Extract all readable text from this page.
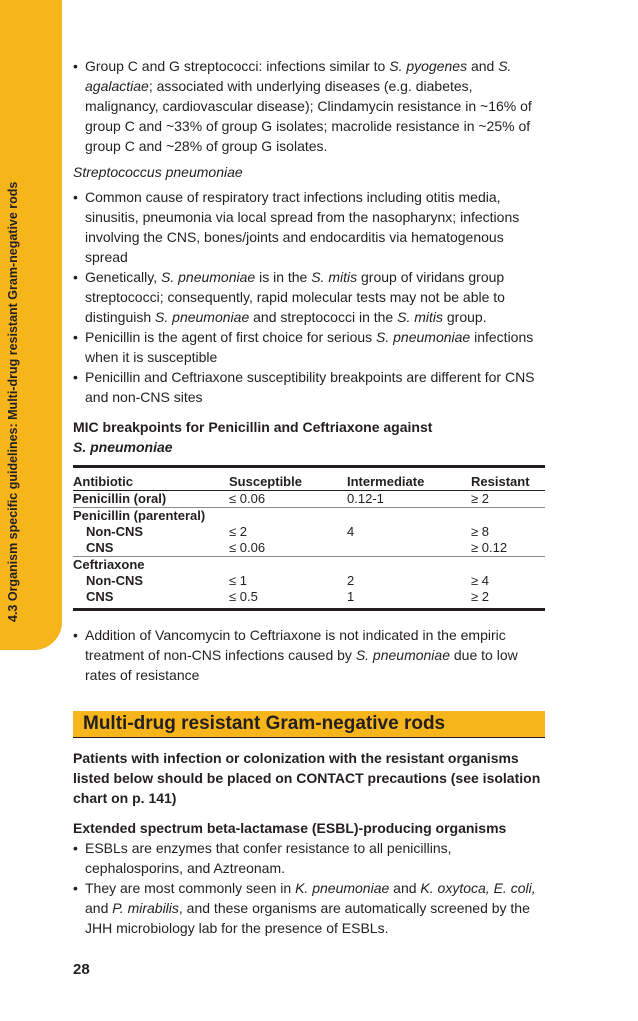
4.3 Organism specific guidelines: Multi-drug resistant Gram-negative rods
• Group C and G streptococci: infections similar to S. pyogenes and S. agalactiae; associated with underlying diseases (e.g. diabetes, malignancy, cardiovascular disease); Clindamycin resistance in ~16% of group C and ~33% of group G isolates; macrolide resistance in ~25% of group C and ~28% of group G isolates.

Streptococcus pneumoniae

• Common cause of respiratory tract infections including otitis media, sinusitis, pneumonia via local spread from the nasopharynx; infections involving the CNS, bones/joints and endocarditis via hematogenous spread
• Genetically, S. pneumoniae is in the S. mitis group of viridans group streptococci; consequently, rapid molecular tests may not be able to distinguish S. pneumoniae and streptococci in the S. mitis group.
• Penicillin is the agent of first choice for serious S. pneumoniae infections when it is susceptible
• Penicillin and Ceftriaxone susceptibility breakpoints are different for CNS and non-CNS sites

MIC breakpoints for Penicillin and Ceftriaxone against
S. pneumoniae

Antibiotic	Susceptible	Intermediate	Resistant
Penicillin (oral)	≤ 0.06	0.12-1	≥ 2
Penicillin (parenteral)			
Non-CNS	≤ 2	4	≥ 8
CNS	≤ 0.06		≥ 0.12
Ceftriaxone			
Non-CNS	≤ 1	2	≥ 4
CNS	≤ 0.5	1	≥ 2
• Addition of Vancomycin to Ceftriaxone is not indicated in the empiric treatment of non-CNS infections caused by S. pneumoniae due to low rates of resistance
Multi-drug resistant Gram-negative rods

Patients with infection or colonization with the resistant organisms listed below should be placed on CONTACT precautions (see isolation chart on p. 141)

Extended spectrum beta-lactamase (ESBL)-producing organisms

• ESBLs are enzymes that confer resistance to all penicillins, cephalosporins, and Aztreonam.
• They are most commonly seen in K. pneumoniae and K. oxytoca, E. coli, and P. mirabilis, and these organisms are automatically screened by the JHH microbiology lab for the presence of ESBLs.
28
